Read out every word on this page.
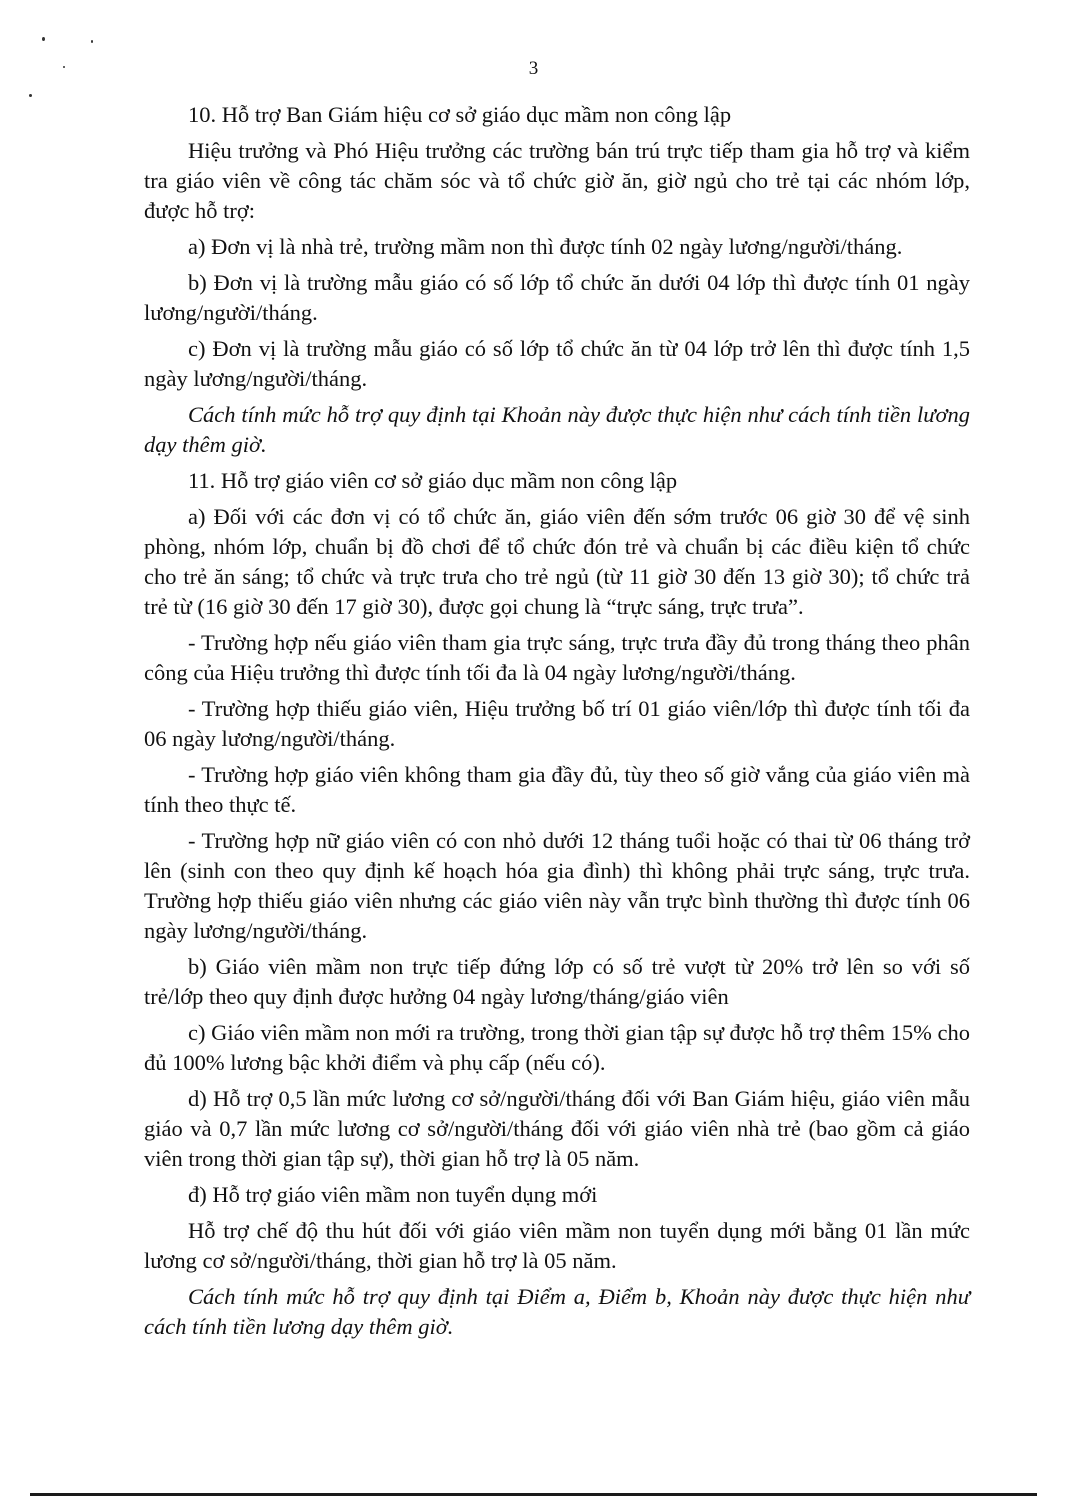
3

10. Hỗ trợ Ban Giám hiệu cơ sở giáo dục mầm non công lập

Hiệu trưởng và Phó Hiệu trưởng các trường bán trú trực tiếp tham gia hỗ trợ và kiểm tra giáo viên về công tác chăm sóc và tổ chức giờ ăn, giờ ngủ cho trẻ tại các nhóm lớp, được hỗ trợ:

a) Đơn vị là nhà trẻ, trường mầm non thì được tính 02 ngày lương/người/tháng.

b) Đơn vị là trường mẫu giáo có số lớp tổ chức ăn dưới 04 lớp thì được tính 01 ngày lương/người/tháng.

c) Đơn vị là trường mẫu giáo có số lớp tổ chức ăn từ 04 lớp trở lên thì được tính 1,5 ngày lương/người/tháng.

Cách tính mức hỗ trợ quy định tại Khoản này được thực hiện như cách tính tiền lương dạy thêm giờ.

11. Hỗ trợ giáo viên cơ sở giáo dục mầm non công lập

a) Đối với các đơn vị có tổ chức ăn, giáo viên đến sớm trước 06 giờ 30 để vệ sinh phòng, nhóm lớp, chuẩn bị đồ chơi để tổ chức đón trẻ và chuẩn bị các điều kiện tổ chức cho trẻ ăn sáng; tổ chức và trực trưa cho trẻ ngủ (từ 11 giờ 30 đến 13 giờ 30); tổ chức trả trẻ từ (16 giờ 30 đến 17 giờ 30), được gọi chung là “trực sáng, trực trưa”.

- Trường hợp nếu giáo viên tham gia trực sáng, trực trưa đầy đủ trong tháng theo phân công của Hiệu trưởng thì được tính tối đa là 04 ngày lương/người/tháng.

- Trường hợp thiếu giáo viên, Hiệu trưởng bố trí 01 giáo viên/lớp thì được tính tối đa 06 ngày lương/người/tháng.

- Trường hợp giáo viên không tham gia đầy đủ, tùy theo số giờ vắng của giáo viên mà tính theo thực tế.

- Trường hợp nữ giáo viên có con nhỏ dưới 12 tháng tuổi hoặc có thai từ 06 tháng trở lên (sinh con theo quy định kế hoạch hóa gia đình) thì không phải trực sáng, trực trưa. Trường hợp thiếu giáo viên nhưng các giáo viên này vẫn trực bình thường thì được tính 06 ngày lương/người/tháng.

b) Giáo viên mầm non trực tiếp đứng lớp có số trẻ vượt từ 20% trở lên so với số trẻ/lớp theo quy định được hưởng 04 ngày lương/tháng/giáo viên

c) Giáo viên mầm non mới ra trường, trong thời gian tập sự được hỗ trợ thêm 15% cho đủ 100% lương bậc khởi điểm và phụ cấp (nếu có).

d) Hỗ trợ 0,5 lần mức lương cơ sở/người/tháng đối với Ban Giám hiệu, giáo viên mẫu giáo và 0,7 lần mức lương cơ sở/người/tháng đối với giáo viên nhà trẻ (bao gồm cả giáo viên trong thời gian tập sự), thời gian hỗ trợ là 05 năm.

đ) Hỗ trợ giáo viên mầm non tuyển dụng mới

Hỗ trợ chế độ thu hút đối với giáo viên mầm non tuyển dụng mới bằng 01 lần mức lương cơ sở/người/tháng, thời gian hỗ trợ là 05 năm.

Cách tính mức hỗ trợ quy định tại Điểm a, Điểm b, Khoản này được thực hiện như cách tính tiền lương dạy thêm giờ.
